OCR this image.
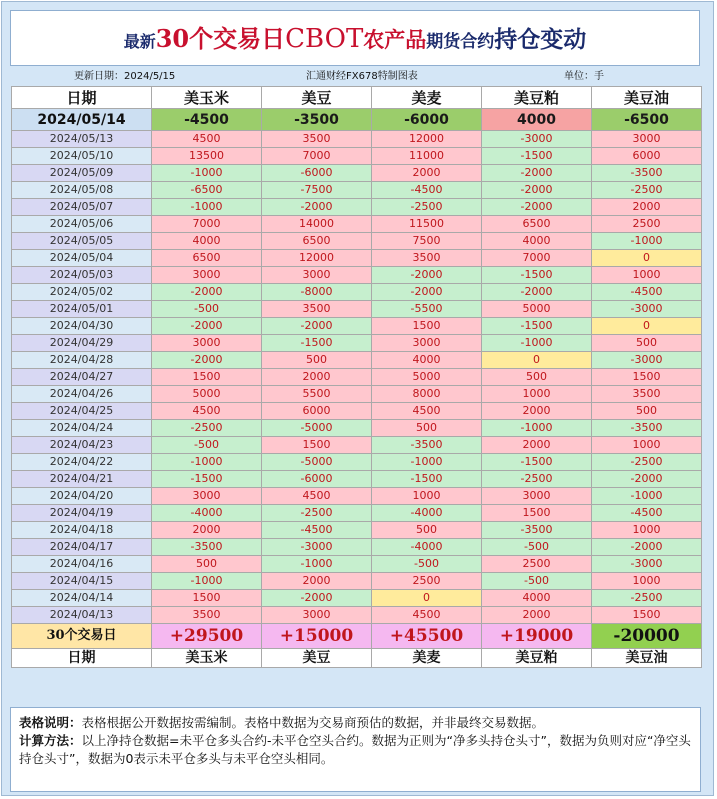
最新30个交易日CBOT农产品期货合约持仓变动
更新日期：2024/5/15	汇通财经FX678特制图表	单位：手
日期	美玉米	美豆	美麦	美豆粕	美豆油
2024/05/14	-4500	-3500	-6000	4000	-6500
2024/05/13	4500	3500	12000	-3000	3000
2024/05/10	13500	7000	11000	-1500	6000
2024/05/09	-1000	-6000	2000	-2000	-3500
2024/05/08	-6500	-7500	-4500	-2000	-2500
2024/05/07	-1000	-2000	-2500	-2000	2000
2024/05/06	7000	14000	11500	6500	2500
2024/05/05	4000	6500	7500	4000	-1000
2024/05/04	6500	12000	3500	7000	0
2024/05/03	3000	3000	-2000	-1500	1000
2024/05/02	-2000	-8000	-2000	-2000	-4500
2024/05/01	-500	3500	-5500	5000	-3000
2024/04/30	-2000	-2000	1500	-1500	0
2024/04/29	3000	-1500	3000	-1000	500
2024/04/28	-2000	500	4000	0	-3000
2024/04/27	1500	2000	5000	500	1500
2024/04/26	5000	5500	8000	1000	3500
2024/04/25	4500	6000	4500	2000	500
2024/04/24	-2500	-5000	500	-1000	-3500
2024/04/23	-500	1500	-3500	2000	1000
2024/04/22	-1000	-5000	-1000	-1500	-2500
2024/04/21	-1500	-6000	-1500	-2500	-2000
2024/04/20	3000	4500	1000	3000	-1000
2024/04/19	-4000	-2500	-4000	1500	-4500
2024/04/18	2000	-4500	500	-3500	1000
2024/04/17	-3500	-3000	-4000	-500	-2000
2024/04/16	500	-1000	-500	2500	-3000
2024/04/15	-1000	2000	2500	-500	1000
2024/04/14	1500	-2000	0	4000	-2500
2024/04/13	3500	3000	4500	2000	1500
30个交易日	+29500	+15000	+45500	+19000	-20000
日期	美玉米	美豆	美麦	美豆粕	美豆油
表格说明：表格根据公开数据按需编制。表格中数据为交易商预估的数据，并非最终交易数据。
计算方法：以上净持仓数据=未平仓多头合约-未平仓空头合约。数据为正则为“净多头持仓头寸”，数据为负则对应“净空头持仓头寸”，数据为0表示未平仓多头与未平仓空头相同。
